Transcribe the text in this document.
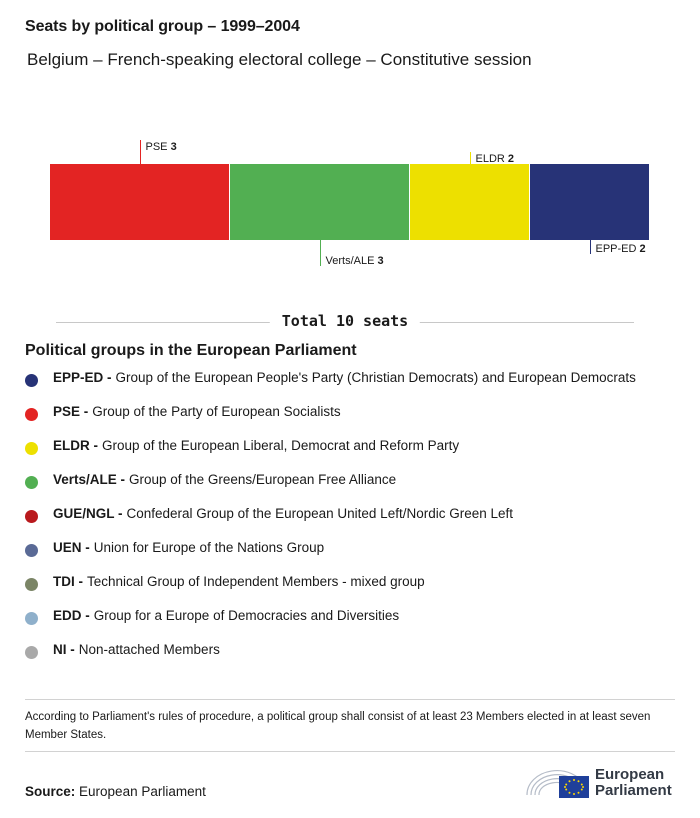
Seats by political group – 1999–2004

Belgium – French-speaking electoral college – Constitutive session

PSE 3
Verts/ALE 3
ELDR 2
EPP-ED 2
Total 10 seats
Political groups in the European Parliament
EPP-ED - Group of the European People's Party (Christian Democrats) and European Democrats
PSE - Group of the Party of European Socialists
ELDR - Group of the European Liberal, Democrat and Reform Party
Verts/ALE - Group of the Greens/European Free Alliance
GUE/NGL - Confederal Group of the European United Left/Nordic Green Left
UEN - Union for Europe of the Nations Group
TDI - Technical Group of Independent Members - mixed group
EDD - Group for a Europe of Democracies and Diversities
NI - Non-attached Members

According to Parliament's rules of procedure, a political group shall consist of at least 23 Members elected in at least seven Member States.

Source: European Parliament
European
Parliament
